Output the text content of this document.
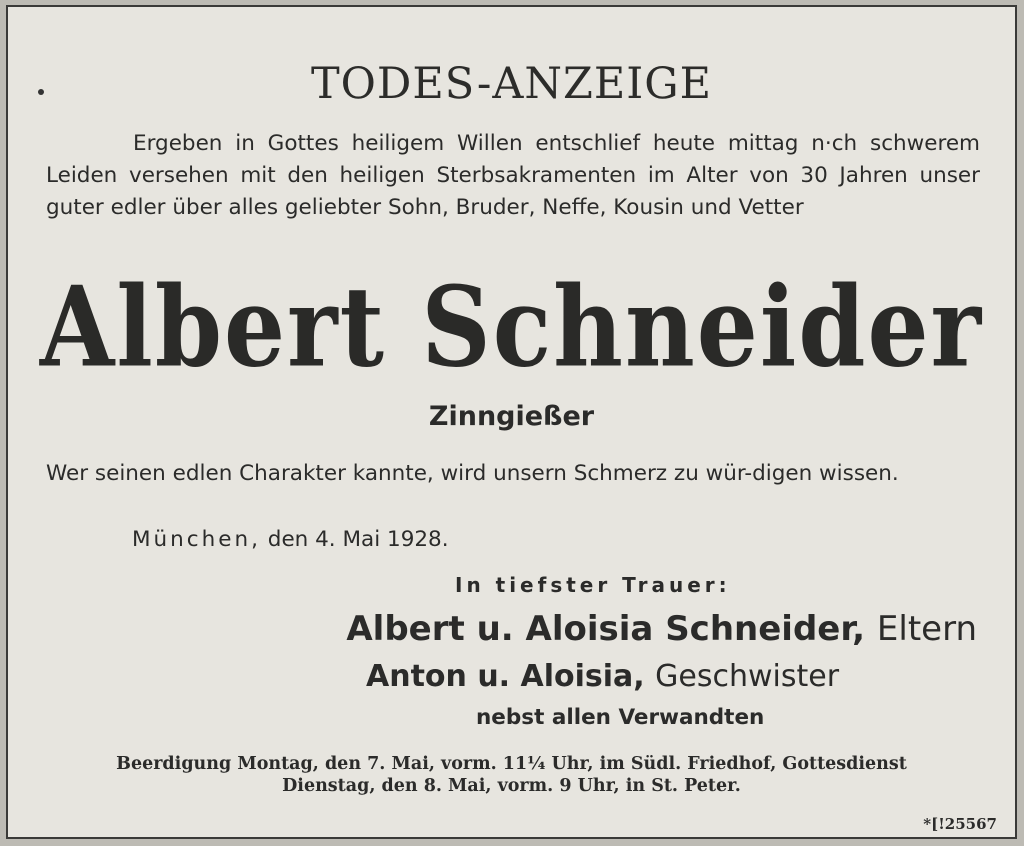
TODES-ANZEIGE
Ergeben in Gottes heiligem Willen entschlief heute mittag n·ch schwerem Leiden versehen mit den heiligen Sterbsakramenten im Alter von 30 Jahren unser guter edler über alles geliebter Sohn, Bruder, Neffe, Kousin und Vetter
Albert Schneider
Zinngießer
Wer seinen edlen Charakter kannte, wird unsern Schmerz zu wür-digen wissen.
München, den 4. Mai 1928.
In tiefster Trauer:
Albert u. Aloisia Schneider, Eltern
Anton u. Aloisia, Geschwister
nebst allen Verwandten
Beerdigung Montag, den 7. Mai, vorm. 11¼ Uhr, im Südl. Friedhof, Gottesdienst
Dienstag, den 8. Mai, vorm. 9 Uhr, in St. Peter.
*[!25567
